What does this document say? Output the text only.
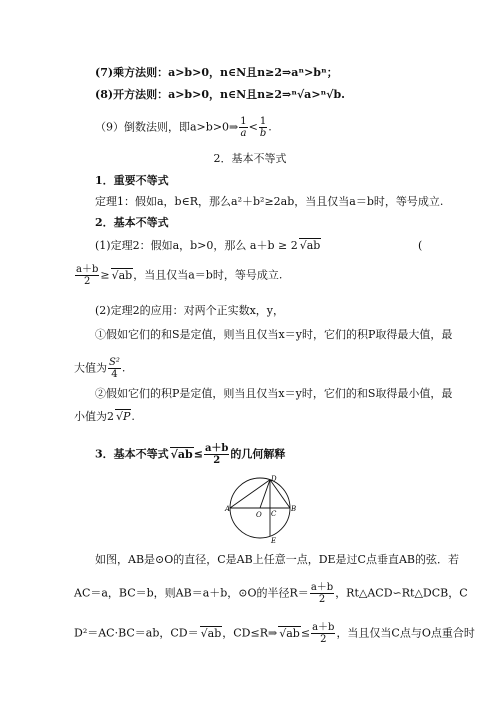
(7)乘方法则：a>b>0，n∈N且n≥2⇒aⁿ>bⁿ；
(8)开方法则：a>b>0，n∈N且n≥2⇒ⁿ√a>ⁿ√b.
（9）倒数法则，即a>b>0⇒ $\frac{1}{a} < \frac{1}{b}$ .
2．基本不等式
1．重要不等式
定理1：假如a，b∈R，那么a²＋b²≥2ab，当且仅当a＝b时，等号成立.
2．基本不等式
(1)定理2：假如a，b>0，那么 a＋b ≥ 2 √ab	(
$\frac{a+b}{2} \ge √ab$，当且仅当a＝b时，等号成立.
(2)定理2的应用：对两个正实数x，y，
①假如它们的和S是定值，则当且仅当x＝y时，它们的积P取得最大值，最
大值为 $\frac{\text{S²}}{4}$ .
②假如它们的积P是定值，则当且仅当x＝y时，它们的和S取得最小值，最
小值为2 √P.
3．基本不等式 $√ab\le \frac{a+b}{2}$ 的几何解释
A	B
C
D
E
O
如图，AB是⊙O的直径，C是AB上任意一点，DE是过C点垂直AB的弦．若
AC＝a，BC＝b，则AB＝a＋b，⊙O的半径$R= \frac{a+b}{2}$ ，Rt△ACD∽Rt△DCB，C
D²＝AC·BC＝ab，CD＝ √ab，CD≤R⇒ $√ab\le \frac{a+b}{2}$ ，当且仅当C点与O点重合时
